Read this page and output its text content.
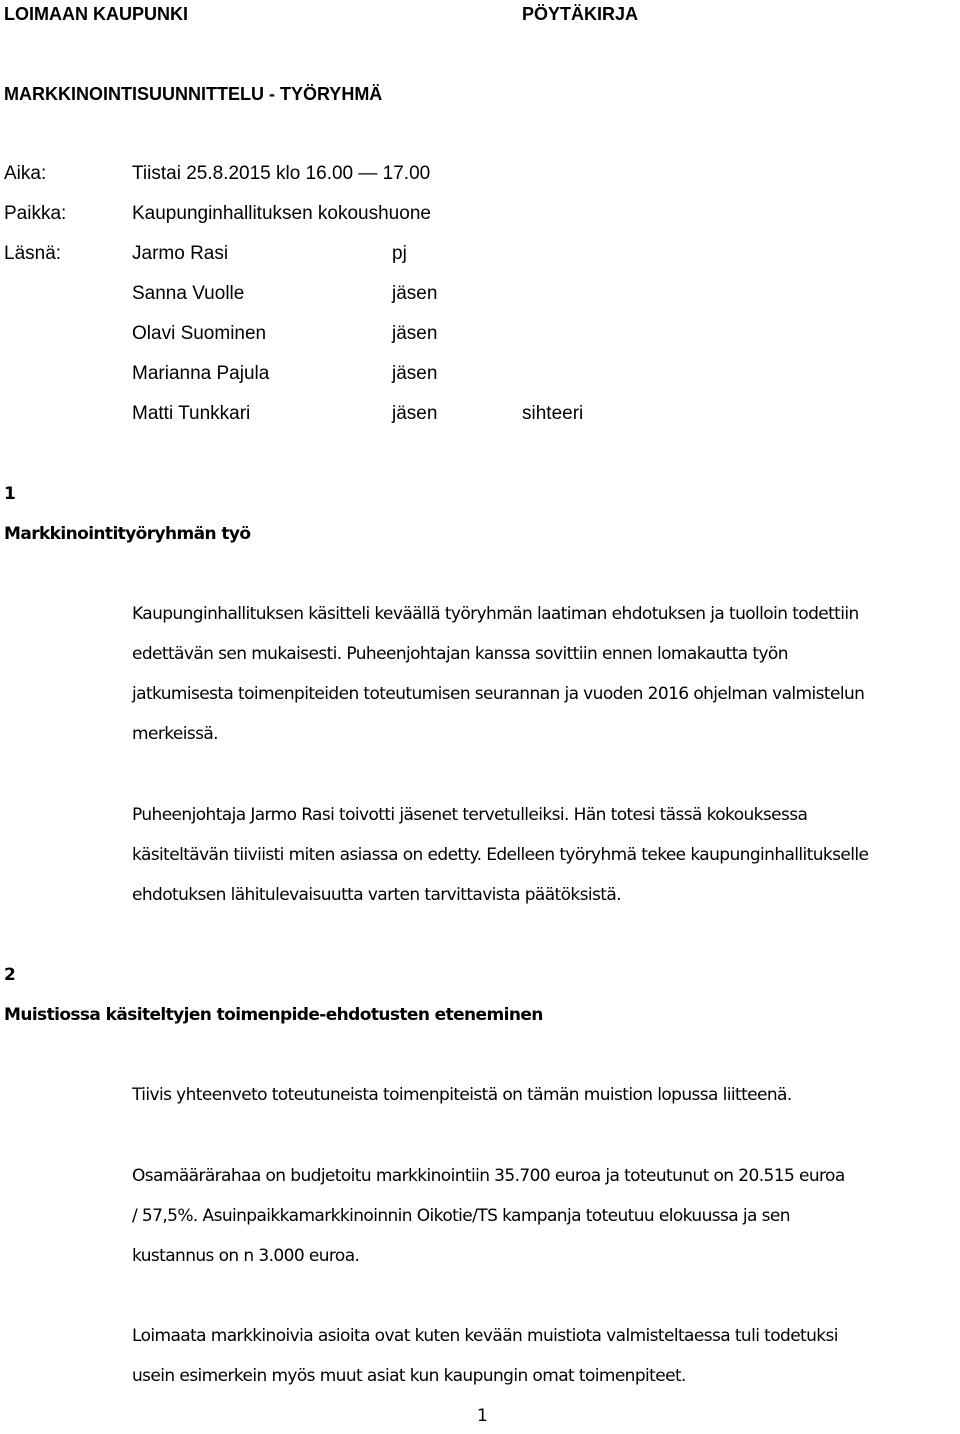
LOIMAAN KAUPUNKI	PÖYTÄKIRJA
MARKKINOINTISUUNNITTELU - TYÖRYHMÄ
Aika:	Tiistai 25.8.2015 klo 16.00 — 17.00
Paikka:	Kaupunginhallituksen kokoushuone
Läsnä:	Jarmo Rasi	pj
Sanna Vuolle	jäsen
Olavi Suominen	jäsen
Marianna Pajula	jäsen
Matti Tunkkari	jäsen	sihteeri
1
Markkinointityöryhmän työ
Kaupunginhallituksen käsitteli keväällä työryhmän laatiman ehdotuksen ja tuolloin todettiin
edettävän sen mukaisesti. Puheenjohtajan kanssa sovittiin ennen lomakautta työn
jatkumisesta toimenpiteiden toteutumisen seurannan ja vuoden 2016 ohjelman valmistelun
merkeissä.
Puheenjohtaja Jarmo Rasi toivotti jäsenet tervetulleiksi. Hän totesi tässä kokouksessa
käsiteltävän tiiviisti miten asiassa on edetty. Edelleen työryhmä tekee kaupunginhallitukselle
ehdotuksen lähitulevaisuutta varten tarvittavista päätöksistä.
2
Muistiossa käsiteltyjen toimenpide-ehdotusten eteneminen
Tiivis yhteenveto toteutuneista toimenpiteistä on tämän muistion lopussa liitteenä.
Osamäärärahaa on budjetoitu markkinointiin 35.700 euroa ja toteutunut on 20.515 euroa
/ 57,5%. Asuinpaikkamarkkinoinnin Oikotie/TS kampanja toteutuu elokuussa ja sen
kustannus on n 3.000 euroa.
Loimaata markkinoivia asioita ovat kuten kevään muistiota valmisteltaessa tuli todetuksi
usein esimerkein myös muut asiat kun kaupungin omat toimenpiteet.
1
